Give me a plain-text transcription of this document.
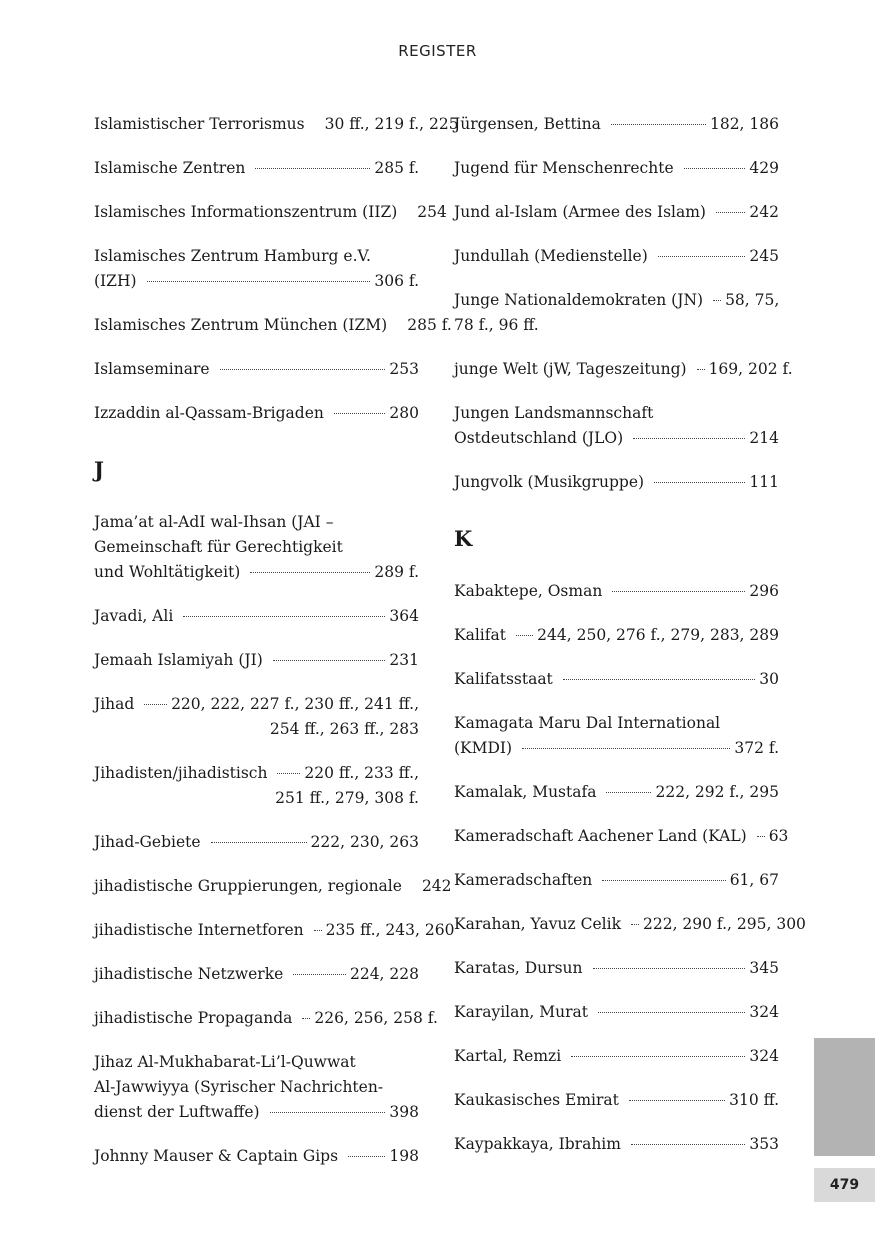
REGISTER
Islamistischer Terrorismus 30 ff., 219 f., 225
Islamische Zentren	285 f.
Islamisches Informationszentrum (IIZ) 254
Islamisches Zentrum Hamburg e.V.
(IZH)	306 f.
Islamisches Zentrum München (IZM) 285 f.
Islamseminare	253
Izzaddin al-Qassam-Brigaden	280
J
Jama’at al-AdI wal-Ihsan (JAI –
Gemeinschaft für Gerechtigkeit
und Wohltätigkeit)	289 f.
Javadi, Ali	364
Jemaah Islamiyah (JI)	231
Jihad 220, 222, 227 f., 230 ff., 241 ff.,
254 ff., 263 ff., 283
Jihadisten/jihadistisch 220 ff., 233 ff.,
251 ff., 279, 308 f.
Jihad-Gebiete	222, 230, 263
jihadistische Gruppierungen, regionale 242
jihadistische Internetforen 235 ff., 243, 260
jihadistische Netzwerke	224, 228
jihadistische Propaganda 226, 256, 258 f.
Jihaz Al-Mukhabarat-Li’l-Quwwat
Al-Jawwiyya (Syrischer Nachrichten-
dienst der Luftwaffe)	398
Johnny Mauser & Captain Gips	198
Jürgensen, Bettina	182, 186
Jugend für Menschenrechte	429
Jund al-Islam (Armee des Islam)	242
Jundullah (Medienstelle)	245
Junge Nationaldemokraten (JN) 58, 75,
78 f., 96 ff.
junge Welt (jW, Tageszeitung) 169, 202 f.
Jungen Landsmannschaft
Ostdeutschland (JLO)	214
Jungvolk (Musikgruppe)	111
K
Kabaktepe, Osman	296
Kalifat 244, 250, 276 f., 279, 283, 289
Kalifatsstaat	30
Kamagata Maru Dal International
(KMDI)	372 f.
Kamalak, Mustafa	222, 292 f., 295
Kameradschaft Aachener Land (KAL) 63
Kameradschaften	61, 67
Karahan, Yavuz Celik 222, 290 f., 295, 300
Karatas, Dursun	345
Karayilan, Murat	324
Kartal, Remzi	324
Kaukasisches Emirat	310 ff.
Kaypakkaya, Ibrahim	353
479
